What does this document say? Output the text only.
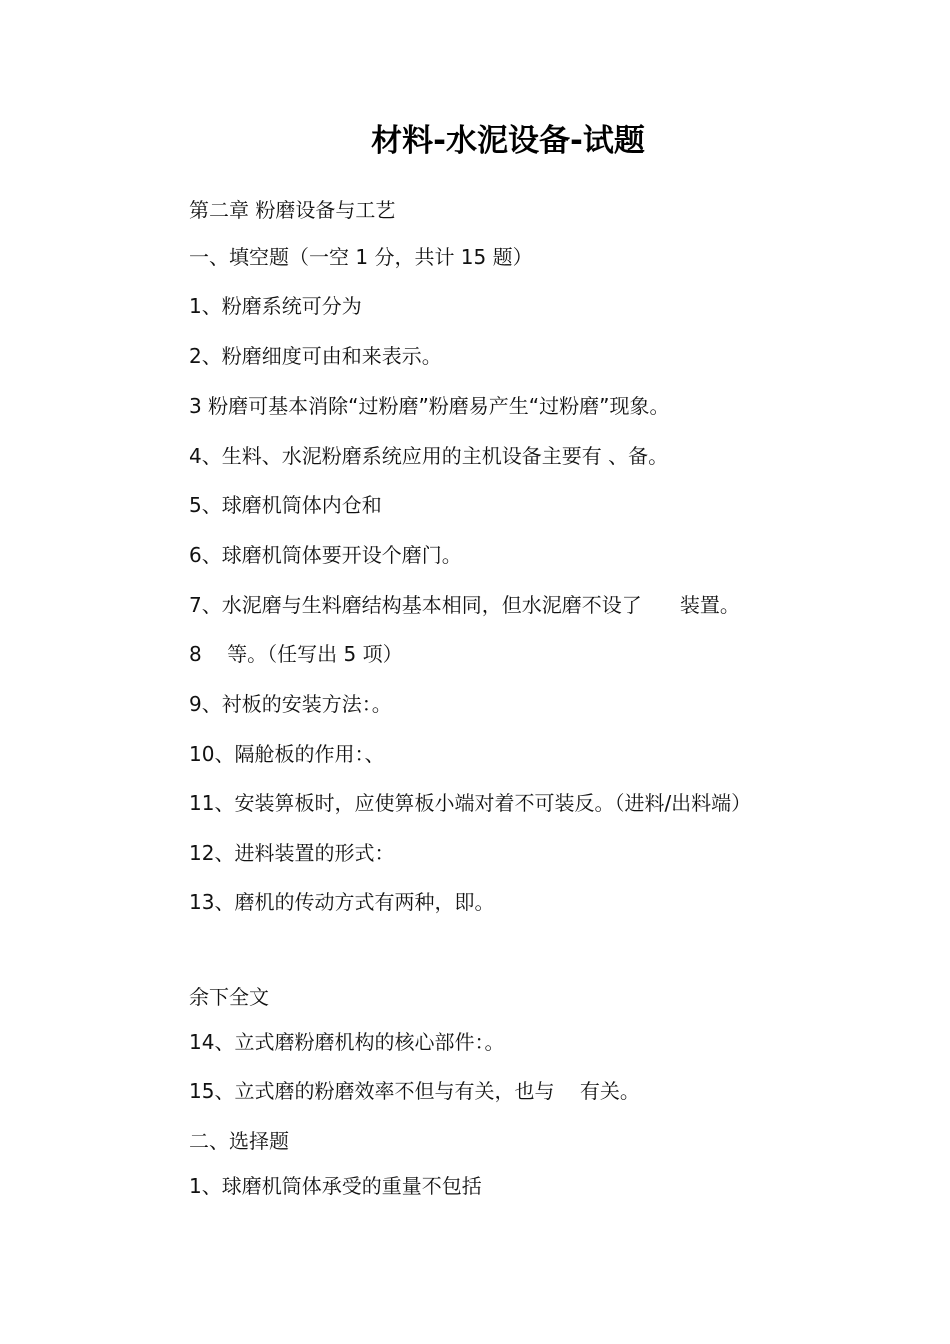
材料-水泥设备-试题
第二章 粉磨设备与工艺
一、填空题（一空 1 分，共计 15 题）
1、粉磨系统可分为
2、粉磨细度可由和来表示。
3 粉磨可基本消除“过粉磨”粉磨易产生“过粉磨”现象。
4、生料、水泥粉磨系统应用的主机设备主要有 、备。
5、球磨机筒体内仓和
6、球磨机筒体要开设个磨门。
7、水泥磨与生料磨结构基本相同，但水泥磨不设了      装置。
8    等。（任写出 5 项）
9、衬板的安装方法：。
10、隔舱板的作用：、
11、安装箅板时，应使箅板小端对着不可装反。（进料/出料端）
12、进料装置的形式：
13、磨机的传动方式有两种，即。
余下全文
14、立式磨粉磨机构的核心部件：。
15、立式磨的粉磨效率不但与有关，也与    有关。
二、选择题
1、球磨机筒体承受的重量不包括
